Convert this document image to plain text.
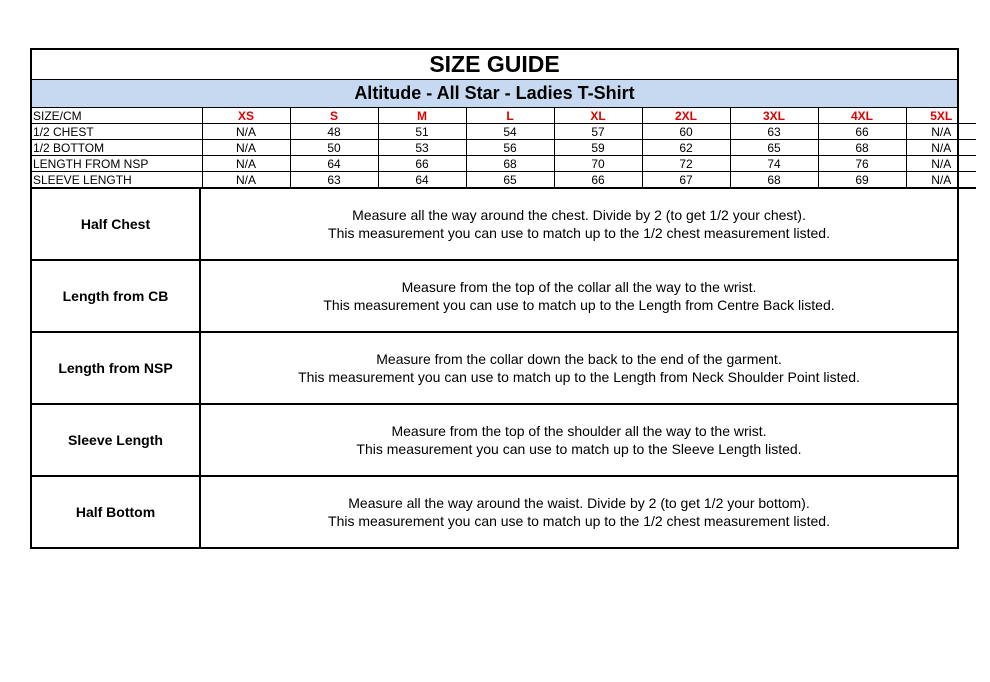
SIZE GUIDE
Altitude - All Star - Ladies T-Shirt
SIZE/CM	XS	S	M	L	XL	2XL	3XL	4XL	5XL
1/2 CHEST	N/A	48	51	54	57	60	63	66	N/A
1/2 BOTTOM	N/A	50	53	56	59	62	65	68	N/A
LENGTH FROM NSP	N/A	64	66	68	70	72	74	76	N/A
SLEEVE LENGTH	N/A	63	64	65	66	67	68	69	N/A
Half Chest
Measure all the way around the chest. Divide by 2 (to get 1/2 your chest).
This measurement you can use to match up to the 1/2 chest measurement listed.
Length from CB
Measure from the top of the collar all the way to the wrist.
This measurement you can use to match up to the Length from Centre Back listed.
Length from NSP
Measure from the collar down the back to the end of the garment.
This measurement you can use to match up to the Length from Neck Shoulder Point listed.
Sleeve Length
Measure from the top of the shoulder all the way to the wrist.
This measurement you can use to match up to the Sleeve Length listed.
Half Bottom
Measure all the way around the waist. Divide by 2 (to get 1/2 your bottom).
This measurement you can use to match up to the 1/2 chest measurement listed.
